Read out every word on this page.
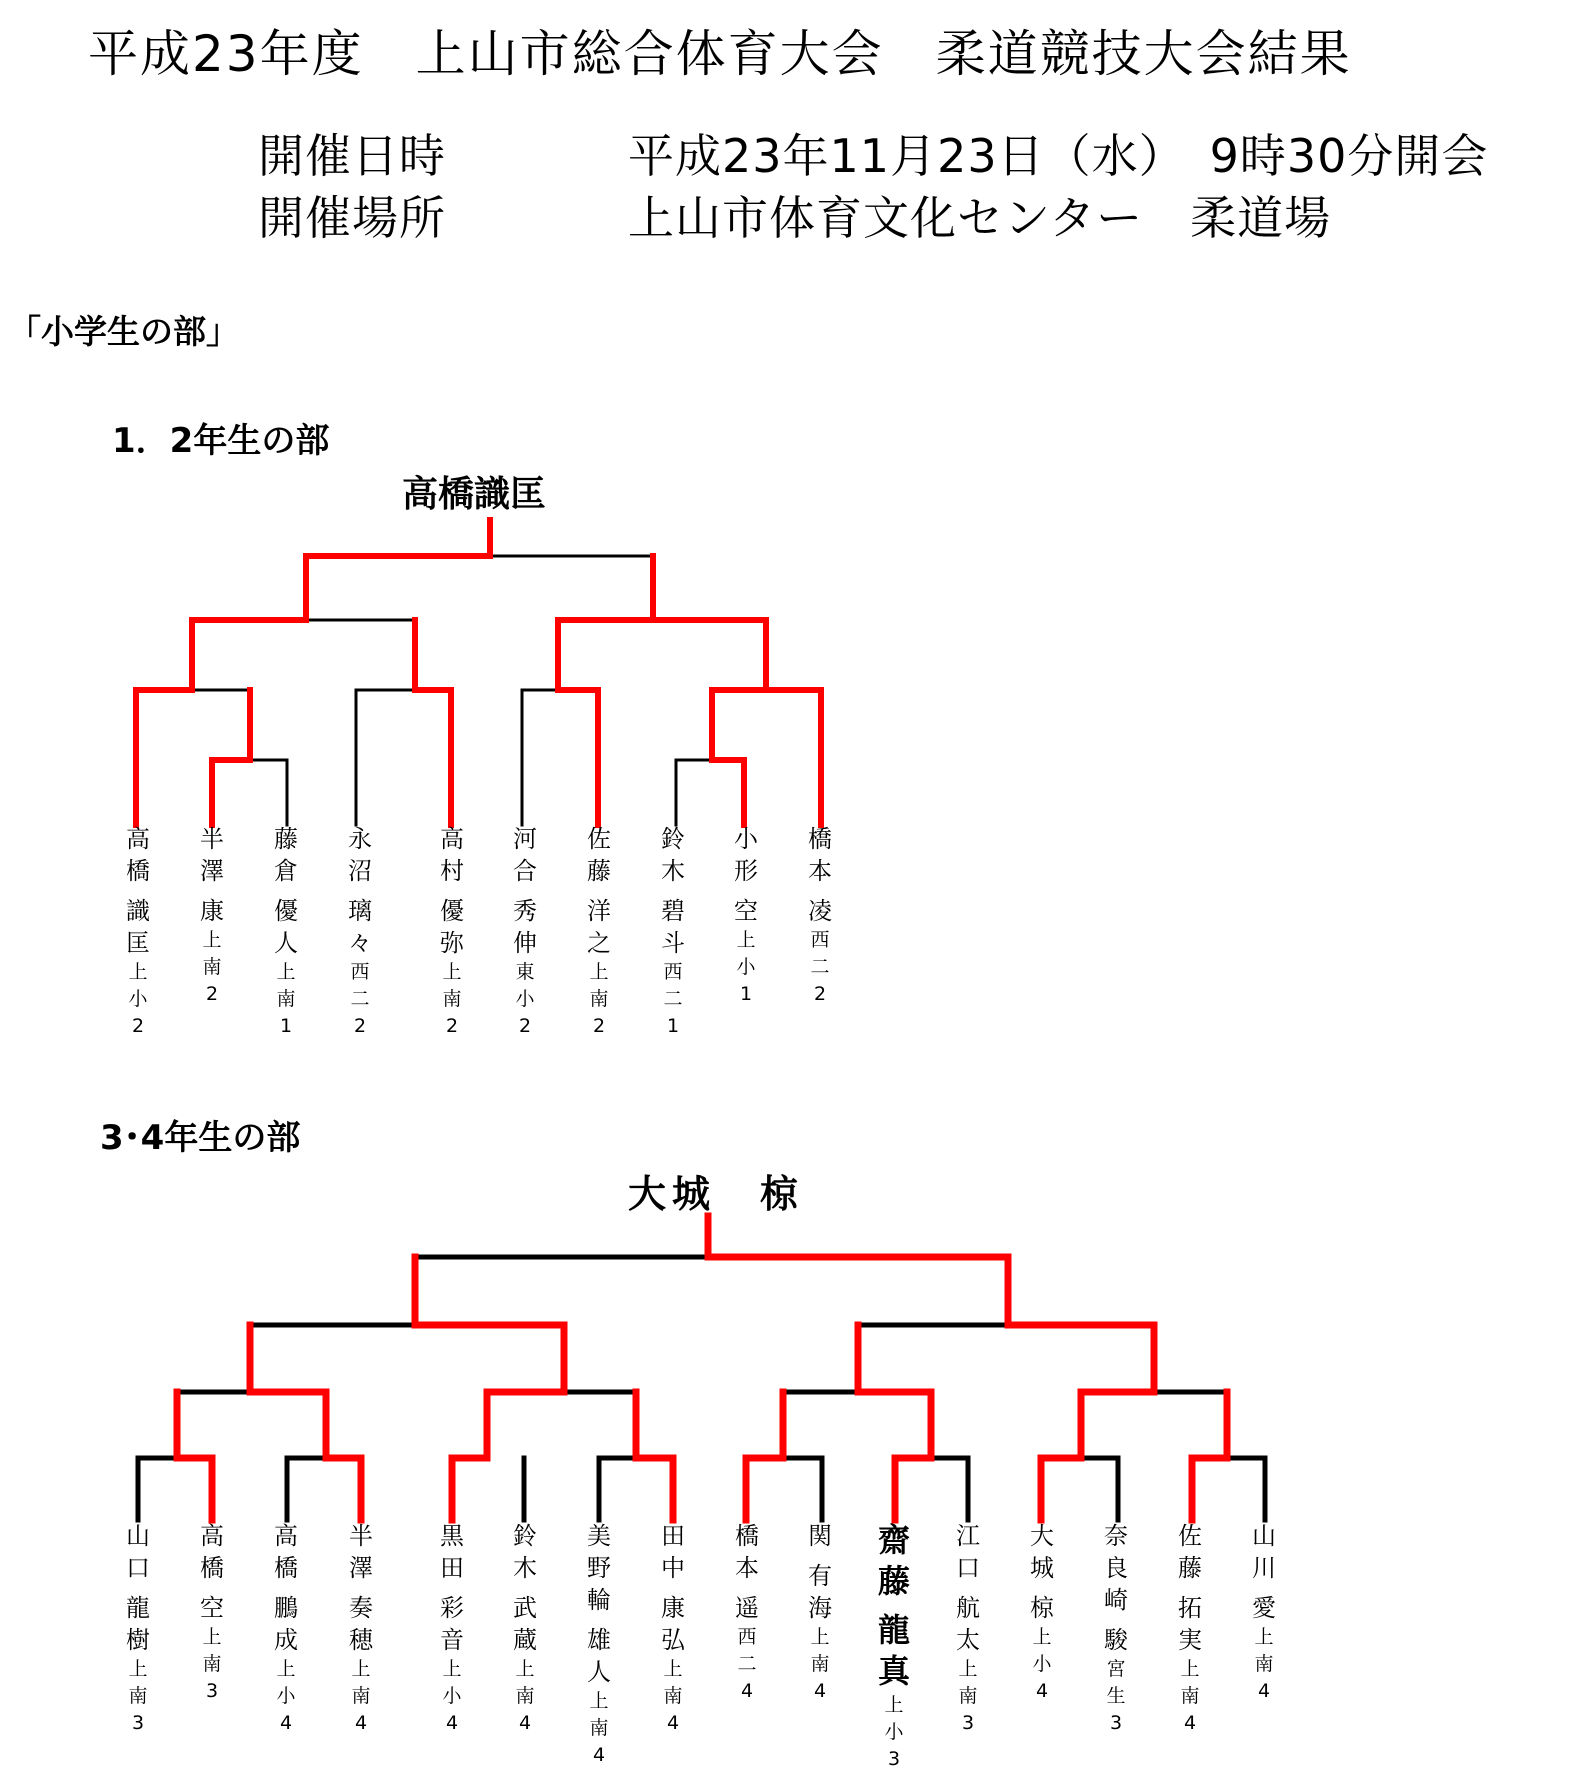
平成23年度　上山市総合体育大会　柔道競技大会結果
開催日時	平成23年11月23日（水）　9時30分開会
開催場所	上山市体育文化センター　柔道場
「小学生の部」
1．2年生の部
高橋識匡
高
橋
識
匡
上
小
2
半
澤
康
上
南
2
藤
倉
優
人
上
南
1
永
沼
璃
々
西
二
2
高
村
優
弥
上
南
2
河
合
秀
伸
東
小
2
佐
藤
洋
之
上
南
2
鈴
木
碧
斗
西
二
1
小
形
空
上
小
1
橋
本
凌
西
二
2
3･4年生の部
大城　椋
山
口
龍
樹
上
南
3
高
橋
空
上
南
3
高
橋
鵬
成
上
小
4
半
澤
奏
穂
上
南
4
黒
田
彩
音
上
小
4
鈴
木
武
蔵
上
南
4
美
野
輪
雄
人
上
南
4
田
中
康
弘
上
南
4
橋
本
遥
西
二
4
関
有
海
上
南
4
齋
藤
龍
真
上
小
3
江
口
航
太
上
南
3
大
城
椋
上
小
4
奈
良
崎
駿
宮
生
3
佐
藤
拓
実
上
南
4
山
川
愛
上
南
4
